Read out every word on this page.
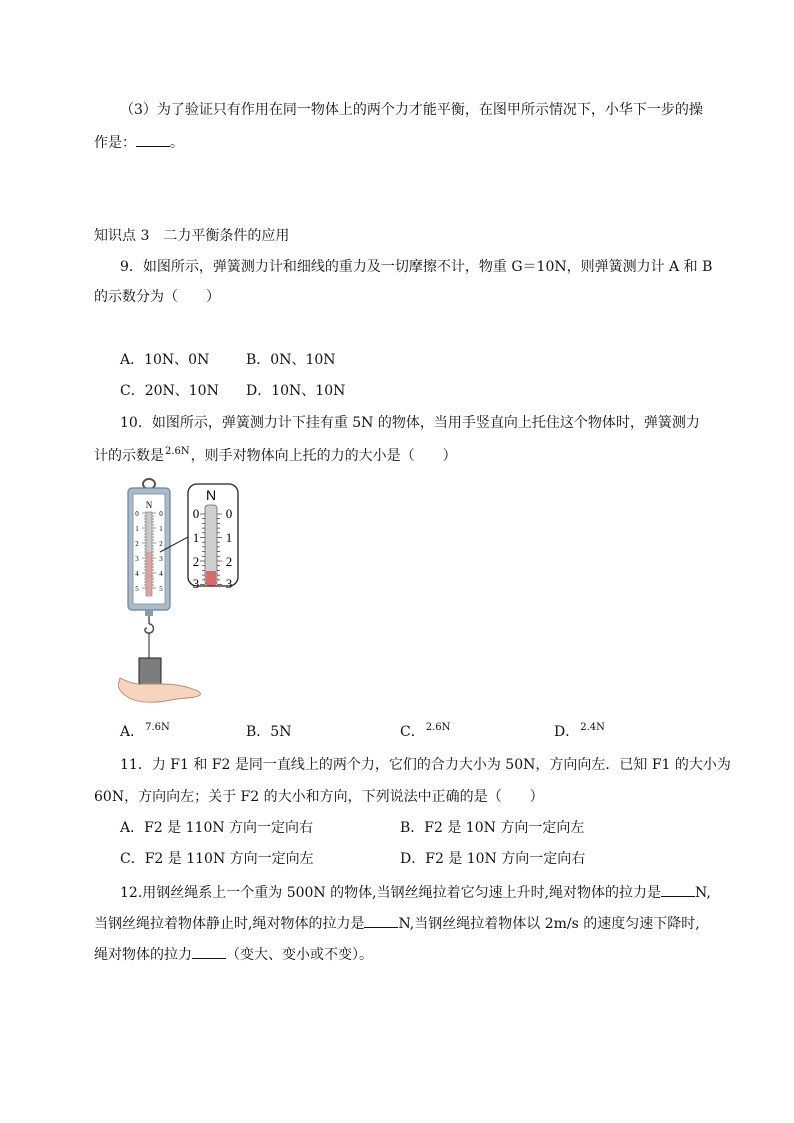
（3）为了验证只有作用在同一物体上的两个力才能平衡，在图甲所示情况下，小华下一步的操
作是： 。
知识点 3　二力平衡条件的应用
9．如图所示，弹簧测力计和细线的重力及一切摩擦不计，物重 G＝10N，则弹簧测力计 A 和 B
的示数分为（　　）
A．10N、0N	B．0N、10N
C．20N、10N D．10N、10N
10．如图所示，弹簧测力计下挂有重 5N 的物体，当用手竖直向上托住这个物体时，弹簧测力
计的示数是$^{2.6N}$，则手对物体向上托的力的大小是（　　）
N
0
1
2
3
4
5
0
1
2
3
4
5
N
0
1
2
3
0
1
2
3
A．$^{7.6N}$	B．5N	C．$^{2.6N}$	D．$^{2.4N}$
11．力 F1 和 F2 是同一直线上的两个力，它们的合力大小为 50N，方向向左．已知 F1 的大小为
60N，方向向左；关于 F2 的大小和方向，下列说法中正确的是（　　）
A．F2 是 110N 方向一定向右	B．F2 是 10N 方向一定向左
C．F2 是 110N 方向一定向左	D．F2 是 10N 方向一定向右
12.用钢丝绳系上一个重为 500N 的物体,当钢丝绳拉着它匀速上升时,绳对物体的拉力是 N,
当钢丝绳拉着物体静止时,绳对物体的拉力是 N,当钢丝绳拉着物体以 2m/s 的速度匀速下降时,
绳对物体的拉力 （变大、变小或不变）。
